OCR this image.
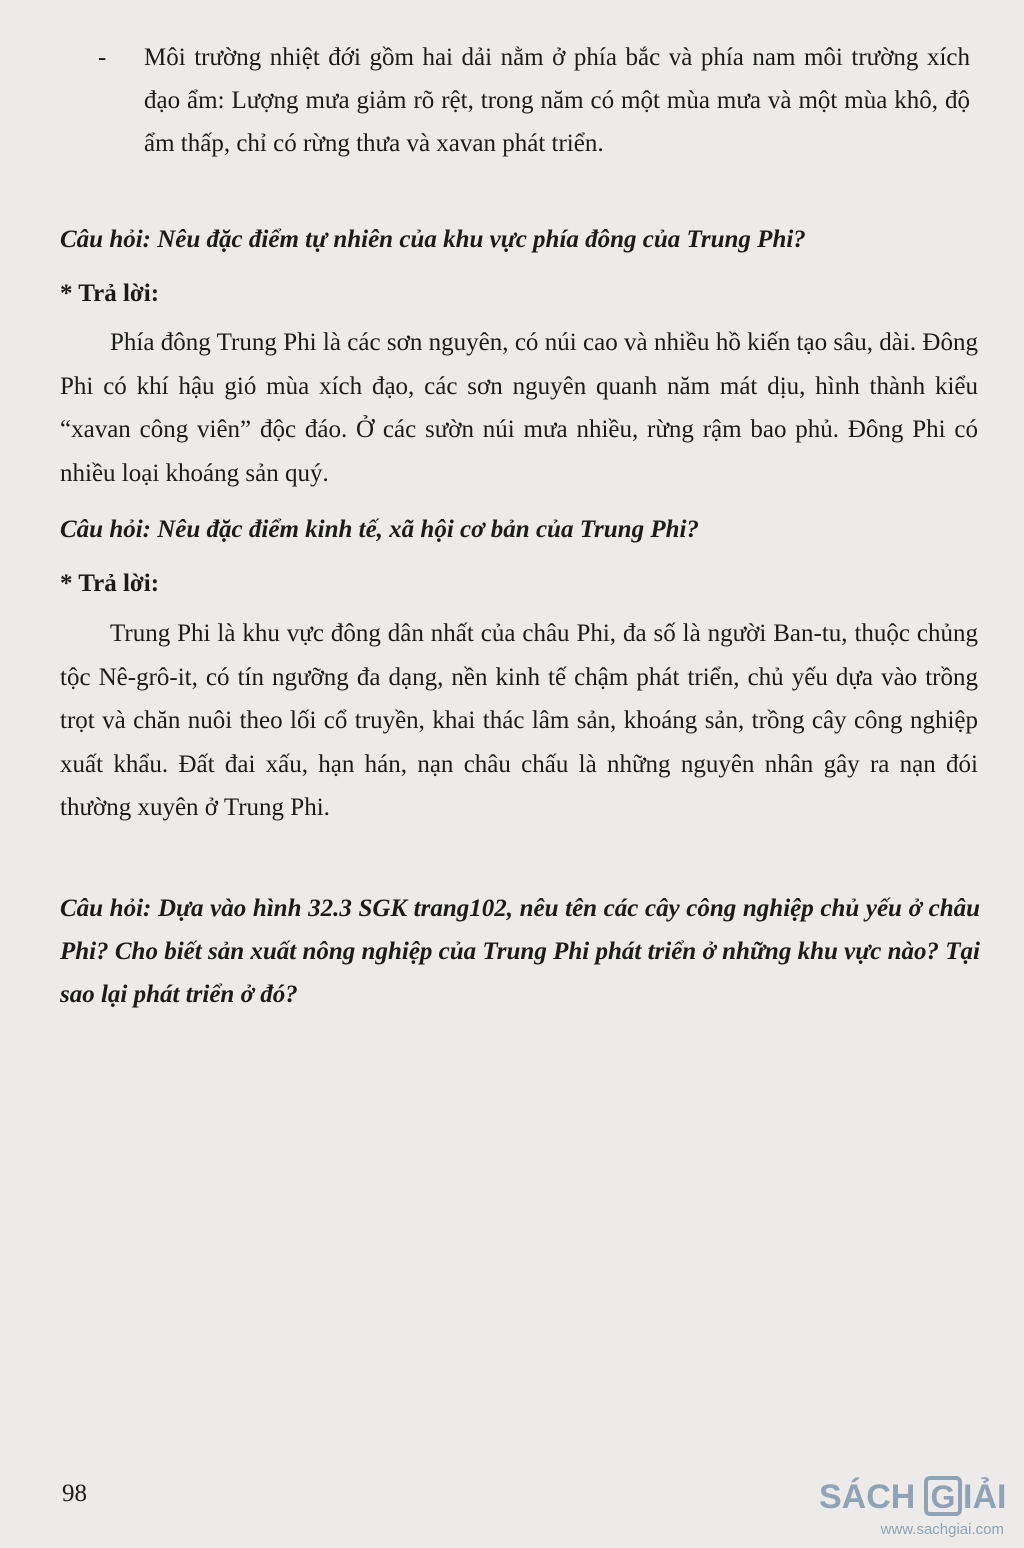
- Môi trường nhiệt đới gồm hai dải nằm ở phía bắc và phía nam môi trường xích đạo ẩm: Lượng mưa giảm rõ rệt, trong năm có một mùa mưa và một mùa khô, độ ẩm thấp, chỉ có rừng thưa và xavan phát triển.
Câu hỏi: Nêu đặc điểm tự nhiên của khu vực phía đông của Trung Phi?
* Trả lời:
Phía đông Trung Phi là các sơn nguyên, có núi cao và nhiều hồ kiến tạo sâu, dài. Đông Phi có khí hậu gió mùa xích đạo, các sơn nguyên quanh năm mát dịu, hình thành kiểu “xavan công viên” độc đáo. Ở các sườn núi mưa nhiều, rừng rậm bao phủ. Đông Phi có nhiều loại khoáng sản quý.
Câu hỏi: Nêu đặc điểm kinh tế, xã hội cơ bản của Trung Phi?
* Trả lời:
Trung Phi là khu vực đông dân nhất của châu Phi, đa số là người Ban-tu, thuộc chủng tộc Nê-grô-it, có tín ngưỡng đa dạng, nền kinh tế chậm phát triển, chủ yếu dựa vào trồng trọt và chăn nuôi theo lối cổ truyền, khai thác lâm sản, khoáng sản, trồng cây công nghiệp xuất khẩu. Đất đai xấu, hạn hán, nạn châu chấu là những nguyên nhân gây ra nạn đói thường xuyên ở Trung Phi.
Câu hỏi: Dựa vào hình 32.3 SGK trang102, nêu tên các cây công nghiệp chủ yếu ở châu Phi? Cho biết sản xuất nông nghiệp của Trung Phi phát triển ở những khu vực nào? Tại sao lại phát triển ở đó?
98	SÁCH G IẢI
www.sachgiai.com
